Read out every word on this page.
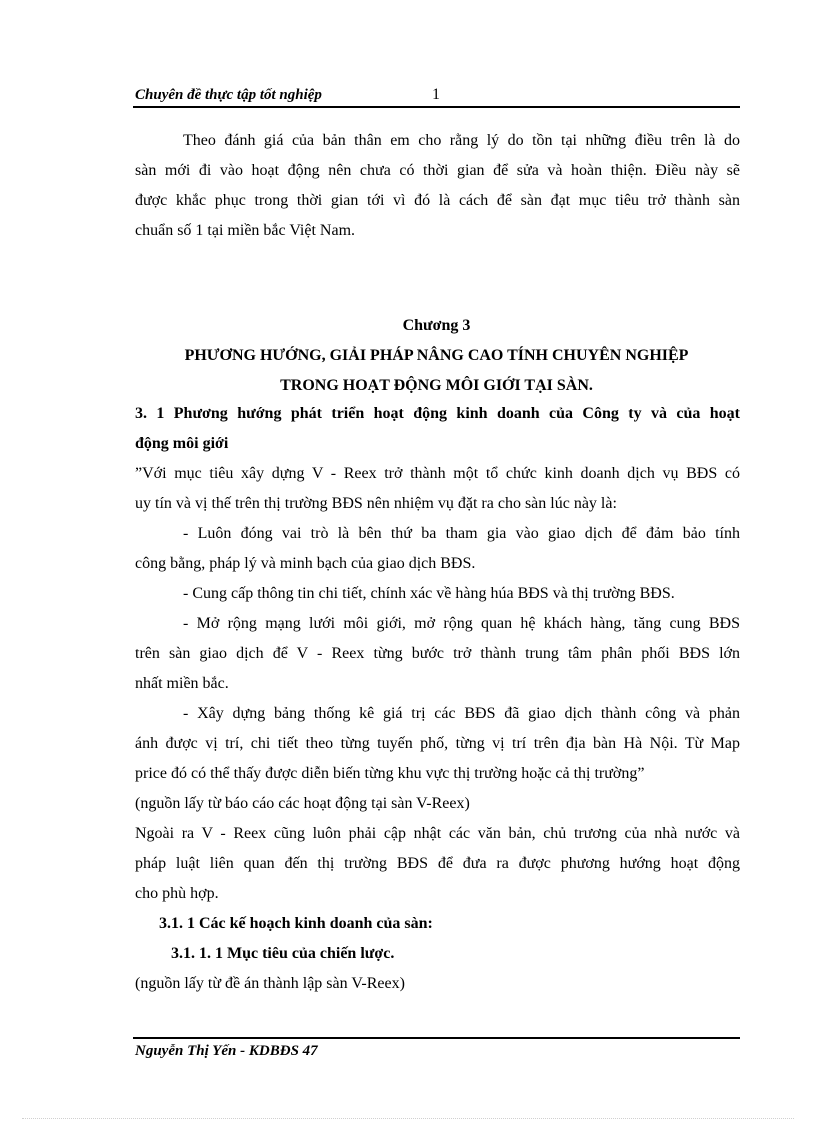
Chuyên đề thực tập tốt nghiệp	1
Theo đánh giá của bản thân em cho rằng lý do tồn tại những điều trên là do
sàn mới đi vào hoạt động nên chưa có thời gian để sửa và hoàn thiện. Điều này sẽ
được khắc phục trong thời gian tới vì đó là cách để sàn đạt mục tiêu trở thành sàn
chuẩn số 1 tại miền bắc Việt Nam.
Chương 3
PHƯƠNG HƯỚNG, GIẢI PHÁP NÂNG CAO TÍNH CHUYÊN NGHIỆP
TRONG HOẠT ĐỘNG MÔI GIỚI TẠI SÀN.
3. 1 Phương hướng phát triển hoạt động kinh doanh của Công ty và của hoạt
động môi giới
”Với mục tiêu xây dựng V - Reex trở thành một tổ chức kinh doanh dịch vụ BĐS có
uy tín và vị thế trên thị trường BĐS nên nhiệm vụ đặt ra cho sàn lúc này là:
- Luôn đóng vai trò là bên thứ ba tham gia vào giao dịch để đảm bảo tính
công bằng, pháp lý và minh bạch của giao dịch BĐS.
- Cung cấp thông tin chi tiết, chính xác về hàng húa BĐS và thị trường BĐS.
- Mở rộng mạng lưới môi giới, mở rộng quan hệ khách hàng, tăng cung BĐS
trên sàn giao dịch để V - Reex từng bước trở thành trung tâm phân phối BĐS lớn
nhất miền bắc.
- Xây dựng bảng thống kê giá trị các BĐS đã giao dịch thành công và phản
ánh được vị trí, chi tiết theo từng tuyến phố, từng vị trí trên địa bàn Hà Nội. Từ Map
price đó có thể thấy được diễn biến từng khu vực thị trường hoặc cả thị trường”
(nguồn lấy từ báo cáo các hoạt động tại sàn V-Reex)
Ngoài ra V - Reex cũng luôn phải cập nhật các văn bản, chủ trương của nhà nước và
pháp luật liên quan đến thị trường BĐS để đưa ra được phương hướng hoạt động
cho phù hợp.
3.1. 1 Các kế hoạch kinh doanh của sàn:
3.1. 1. 1 Mục tiêu của chiến lược.
(nguồn lấy từ đề án thành lập sàn V-Reex)
Nguyễn Thị Yến - KDBĐS 47
